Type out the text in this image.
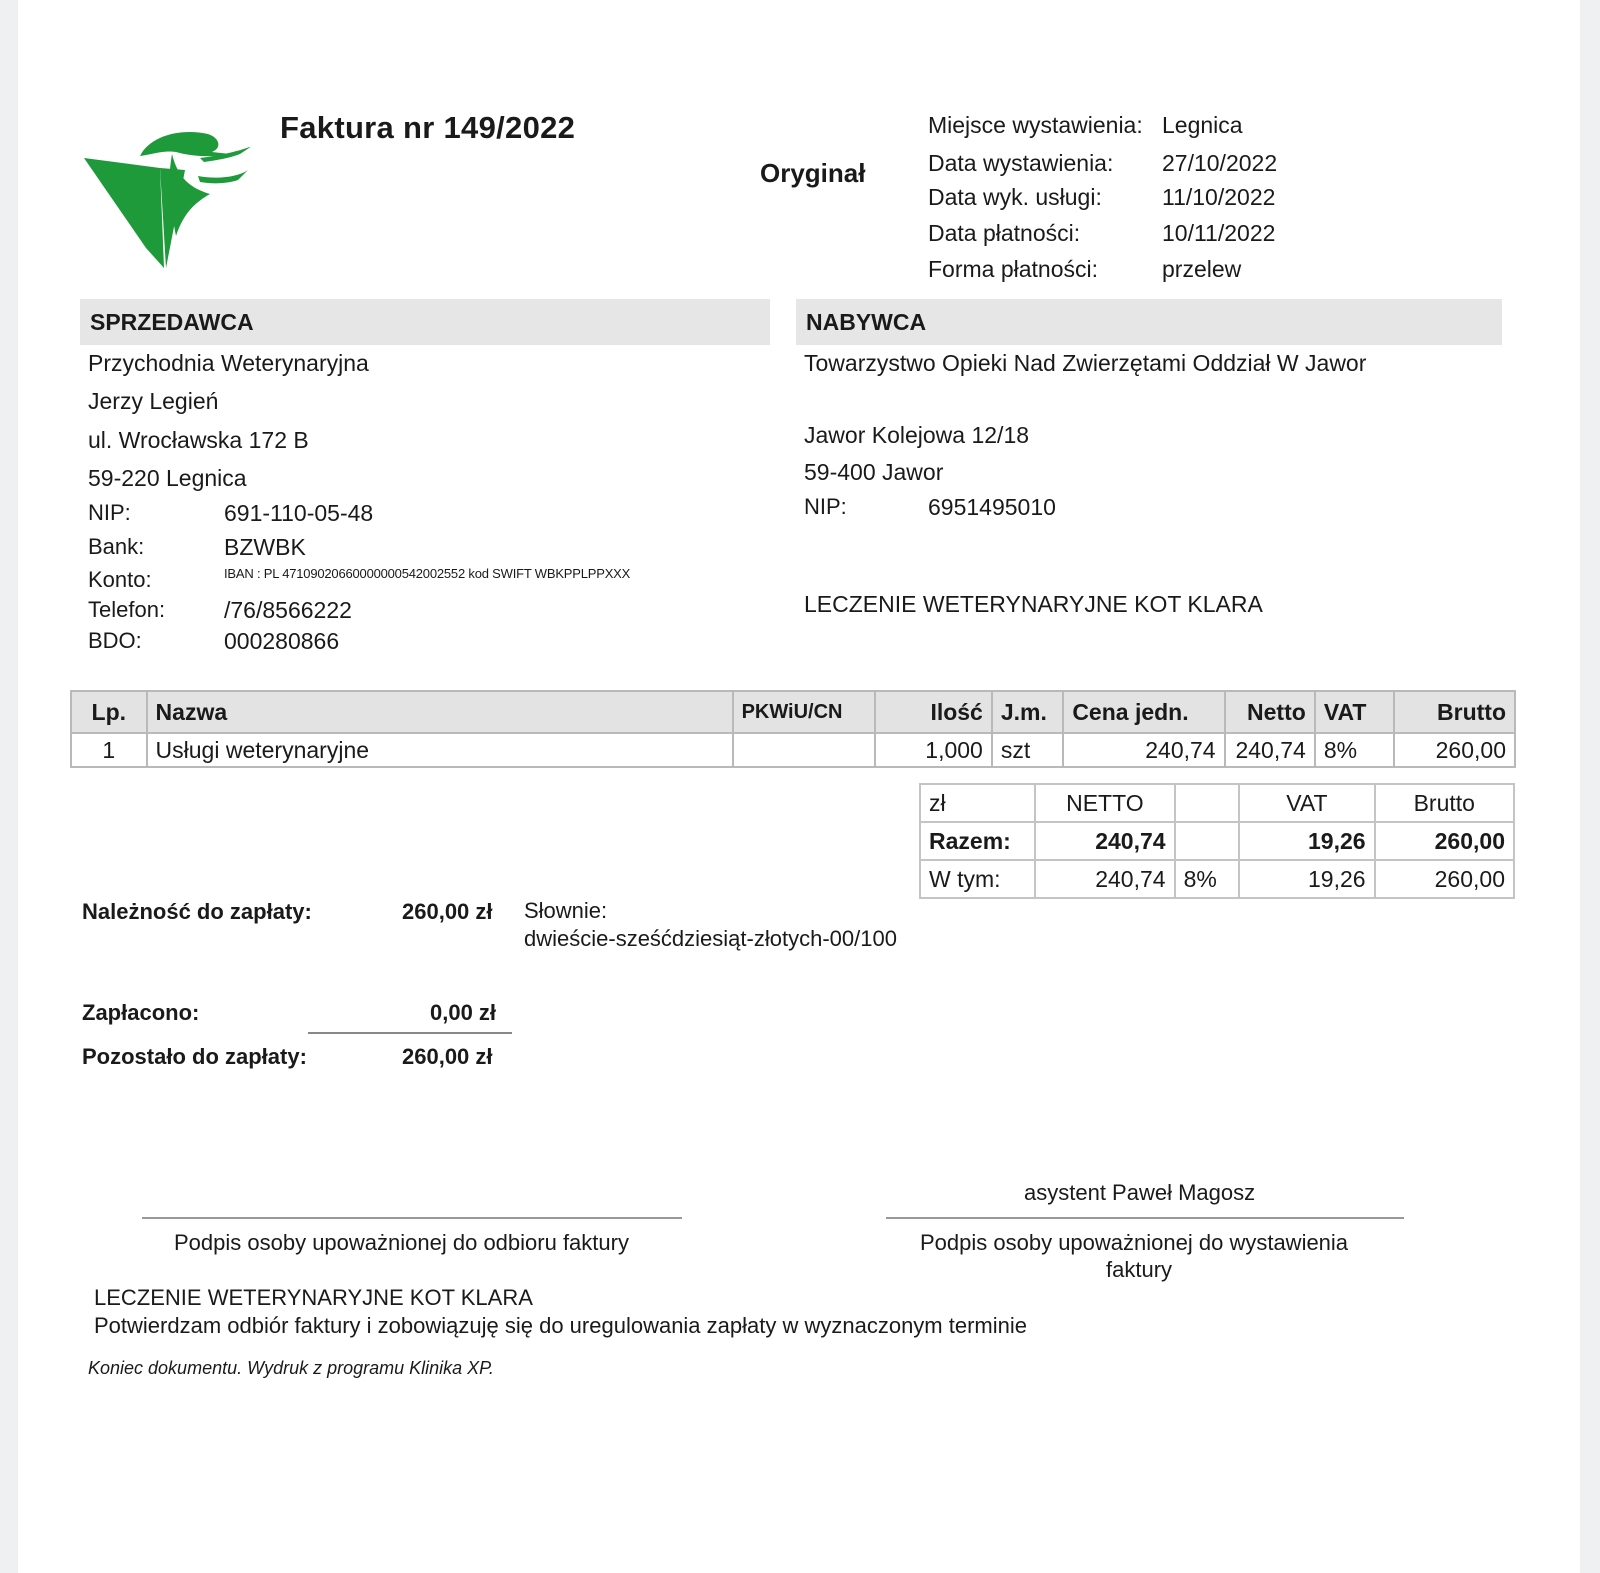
Faktura nr 149/2022
Oryginał
Miejsce wystawienia: Legnica
Data wystawienia: 27/10/2022
Data wyk. usługi:	11/10/2022
Data płatności:	10/11/2022
Forma płatności:	przelew
SPRZEDAWCA
Przychodnia Weterynaryjna
Jerzy Legień
ul. Wrocławska 172 B
59-220 Legnica
NIP:	691-110-05-48
Bank:	BZWBK
Konto:	IBAN : PL 47109020660000000542002552 kod SWIFT WBKPPLPPXXX
Telefon:	/76/8566222
BDO:	000280866
NABYWCA
Towarzystwo Opieki Nad Zwierzętami Oddział W Jawor
Jawor Kolejowa 12/18
59-400 Jawor
NIP:	6951495010
LECZENIE WETERYNARYJNE KOT KLARA
Lp.	Nazwa	PKWiU/CN	Ilość	J.m.	Cena jedn.	Netto	VAT	Brutto
1	Usługi weterynaryjne		1,000	szt	240,74	240,74	8%	260,00
zł	NETTO		VAT	Brutto
Razem:	240,74		19,26	260,00
W tym:	240,74	8%	19,26	260,00
Należność do zapłaty:	260,00 zł Słownie:
dwieście-sześćdziesiąt-złotych-00/100
Zapłacono:	0,00 zł
Pozostało do zapłaty:	260,00 zł
asystent Paweł Magosz
Podpis osoby upoważnionej do odbioru faktury	Podpis osoby upoważnionej do wystawienia
faktury
LECZENIE WETERYNARYJNE KOT KLARA
Potwierdzam odbiór faktury i zobowiązuję się do uregulowania zapłaty w wyznaczonym terminie
Koniec dokumentu. Wydruk z programu Klinika XP.
